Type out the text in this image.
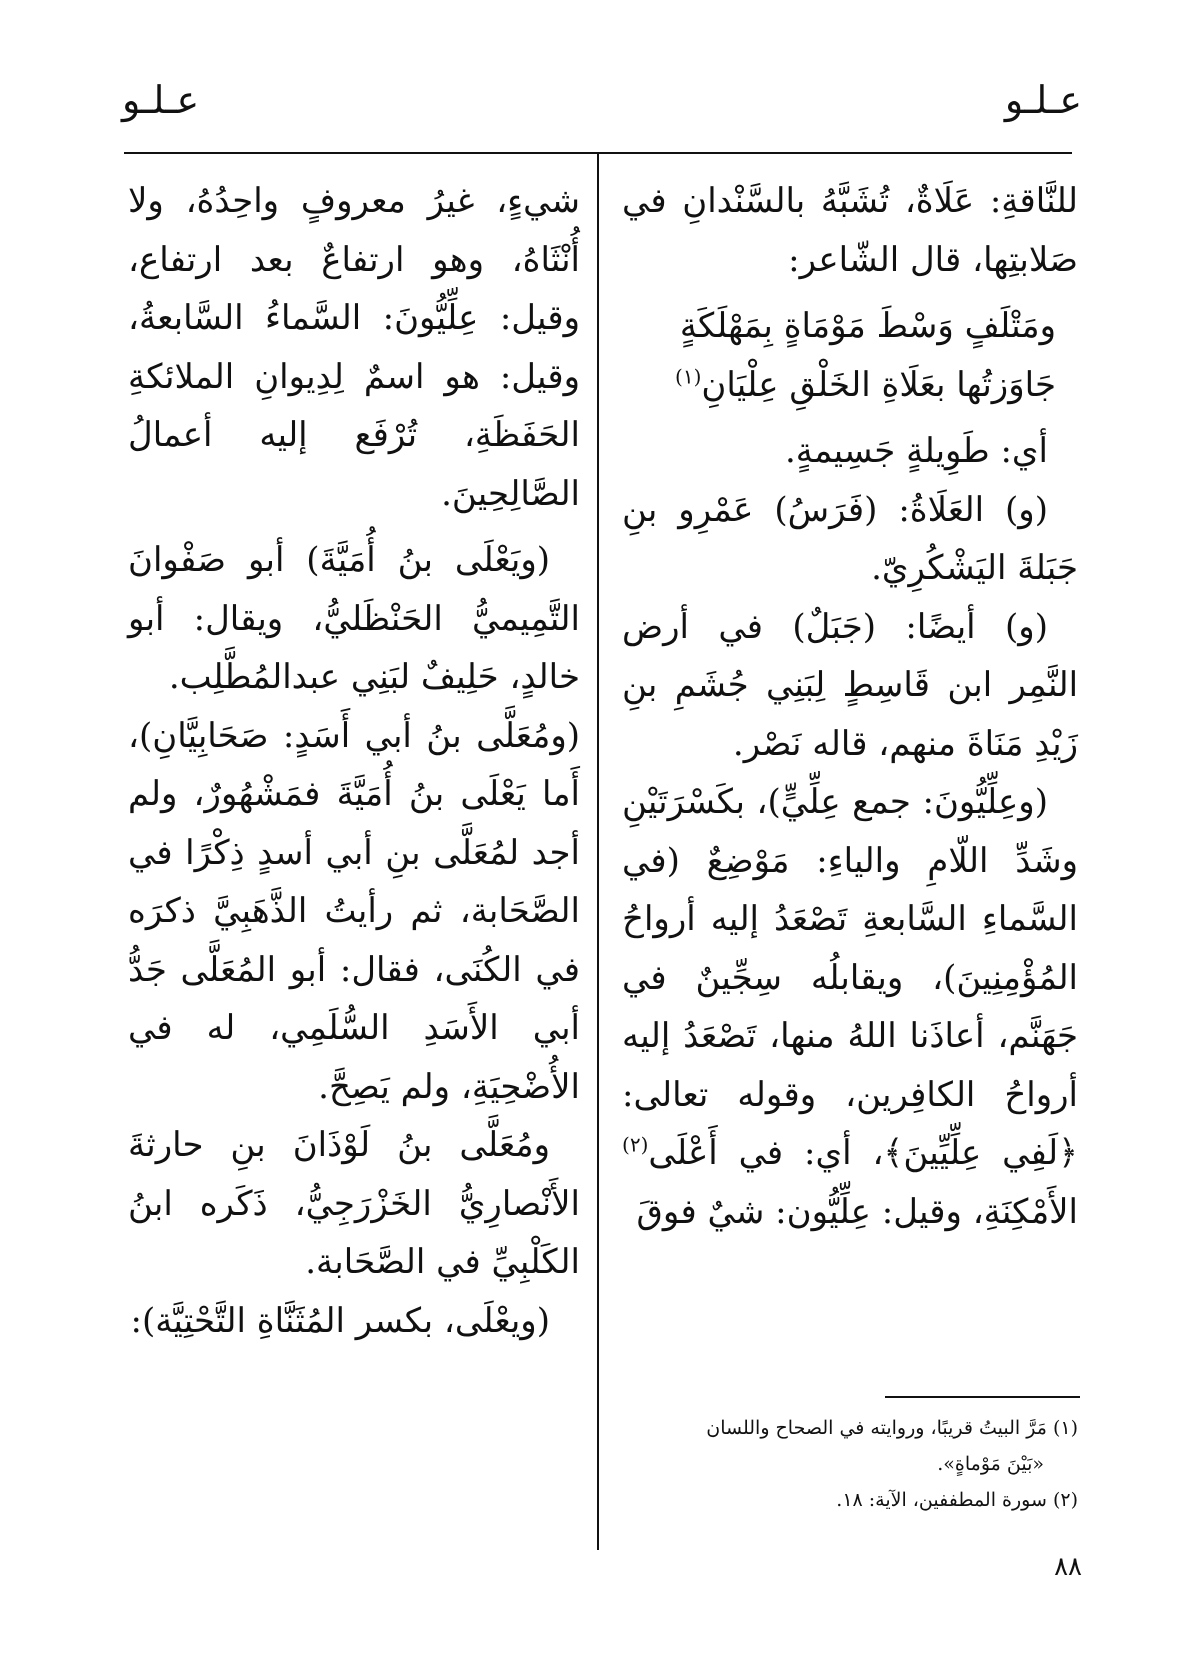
عـلـو
عـلـو

للنَّاقةِ: عَلَاةٌ، تُشَبَّهُ بالسَّنْدانِ في صَلابتِها، قال الشّاعر:

ومَتْلَفٍ وَسْطَ مَوْمَاةٍ بِمَهْلَكَةٍ

جَاوَزتُها بعَلَاةِ الخَلْقِ عِلْيَانِ$^{(١)}$

أي: طَوِيلةٍ جَسِيمةٍ.

(و) العَلَاةُ: (فَرَسُ) عَمْرِو بنِ جَبَلةَ اليَشْكُرِيّ.

(و) أيضًا: (جَبَلٌ) في أرض النَّمِر ابن قَاسِطٍ لِبَنِي جُشَمِ بنِ زَيْدِ مَنَاةَ منهم، قاله نَصْر.

(وعِلِّيُّونَ: جمع عِلِّيٍّ)، بكَسْرَتَيْنِ وشَدِّ اللّامِ والياءِ: مَوْضِعٌ (في السَّماءِ السَّابعةِ تَصْعَدُ إليه أرواحُ المُؤْمِنِينَ)، ويقابلُه سِجِّينٌ في جَهَنَّم، أعاذَنا اللهُ منها، تَصْعَدُ إليه أرواحُ الكافِرين، وقوله تعالى: ﴿لَفِي عِلِّيِّينَ﴾، أي: في أَعْلَى$^{(٢)}$ الأَمْكِنَةِ، وقيل: عِلِّيُّون: شيٌ فوقَ

شيءٍ، غيرُ معروفٍ واحِدُهُ، ولا أُنْثَاهُ، وهو ارتفاعٌ بعد ارتفاع، وقيل: عِلِّيُّونَ: السَّماءُ السَّابعةُ، وقيل: هو اسمٌ لِدِيوانِ الملائكةِ الحَفَظَةِ، تُرْفَع إليه أعمالُ الصَّالِحِينَ.

(ويَعْلَى بنُ أُمَيَّةَ) أبو صَفْوانَ التَّمِيميُّ الحَنْظَليُّ، ويقال: أبو خالدٍ، حَلِيفٌ لبَنِي عبدالمُطَّلِب.

(ومُعَلَّى بنُ أبي أَسَدٍ: صَحَابِيَّانِ)، أَما يَعْلَى بنُ أُمَيَّةَ فمَشْهُورٌ، ولم أجد لمُعَلَّى بنِ أبي أسدٍ ذِكْرًا في الصَّحَابة، ثم رأيتُ الذَّهَبِيَّ ذكرَه في الكُنَى، فقال: أبو المُعَلَّى جَدُّ أبي الأَسَدِ السُّلَمِي، له في الأُضْحِيَةِ، ولم يَصِحَّ.

ومُعَلَّى بنُ لَوْذَانَ بنِ حارثةَ الأَنْصارِيُّ الخَزْرَجِيُّ، ذَكَره ابنُ الكَلْبِيِّ في الصَّحَابة.

(ويعْلَى، بكسر المُثَنَّاةِ التَّحْتِيَّة):

(١) مَرَّ البيتُ قريبًا، وروايته في الصحاح واللسان

«بَيْنَ مَوْماةٍ».

(٢) سورة المطففين، الآية: ١٨.

٨٨
